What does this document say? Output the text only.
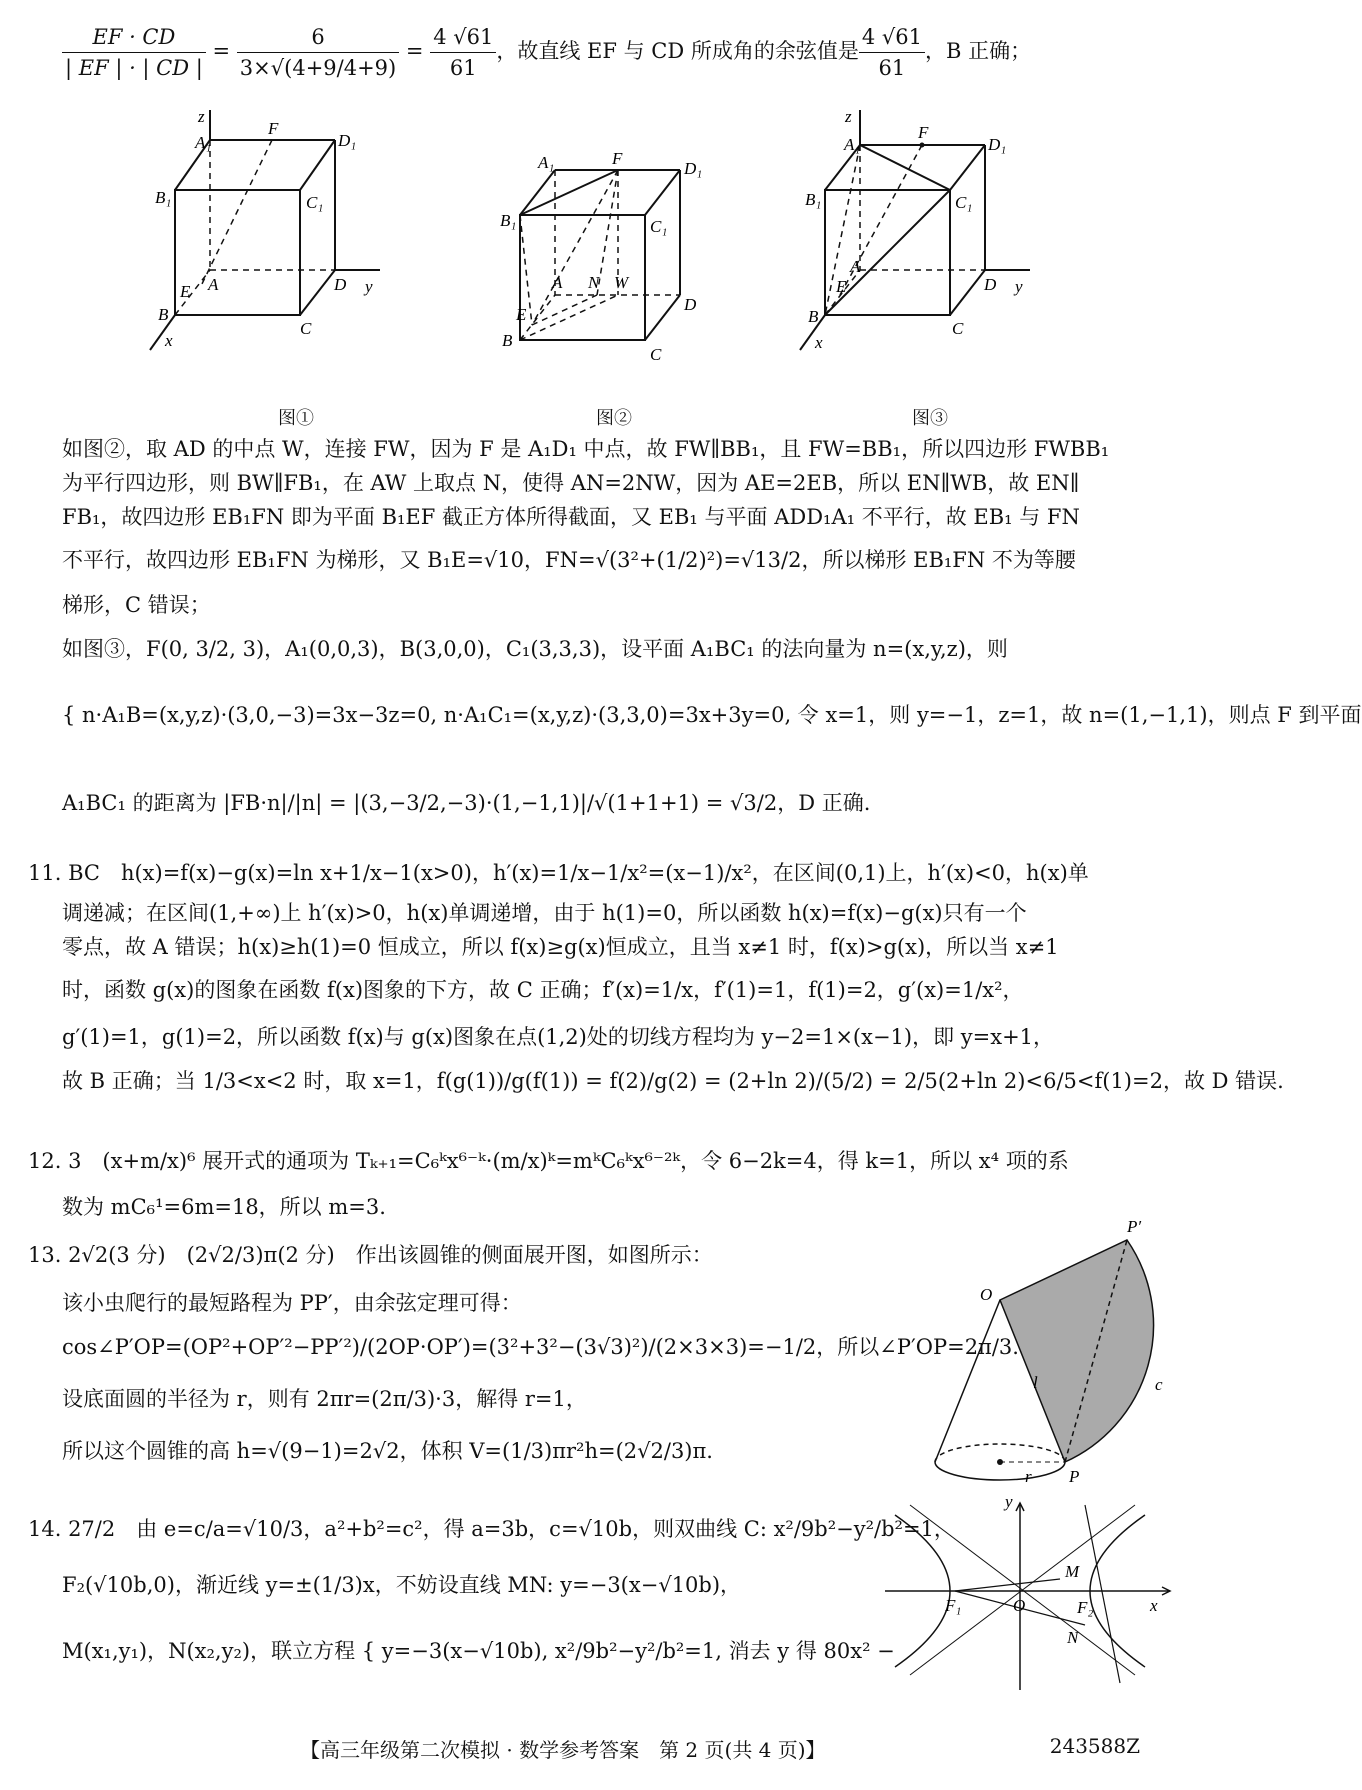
$\frac{EF \cdot CD}{| EF | \cdot | CD |} = \frac{6}{3\times√(4+9/4+9)} = \frac{4 √61}{61}$ ，故直线 EF 与 CD 所成角的余弦值是 $\frac{4 √61}{61}$ ，B 正确；
A₁
F
D₁
B₁	C₁
E A	D y
B
C
x
z
图①
A₁	F
D₁
B₁	C₁
A N W
D
E
B
C
图②
A₁
F
D₁
B₁	C₁
A
E	D y
B
C
x
z
图③
如图②，取 AD 的中点 W，连接 FW，因为 F 是 A₁D₁ 中点，故 FW∥BB₁，且 FW=BB₁，所以四边形 FWBB₁
为平行四边形，则 BW∥FB₁，在 AW 上取点 N，使得 AN=2NW，因为 AE=2EB，所以 EN∥WB，故 EN∥
FB₁，故四边形 EB₁FN 即为平面 B₁EF 截正方体所得截面，又 EB₁ 与平面 ADD₁A₁ 不平行，故 EB₁ 与 FN
不平行，故四边形 EB₁FN 为梯形，又 B₁E=√10，FN=√(3²+(1/2)²)=√13/2，所以梯形 EB₁FN 不为等腰
梯形，C 错误；
如图③，F(0, 3/2, 3)，A₁(0,0,3)，B(3,0,0)，C₁(3,3,3)，设平面 A₁BC₁ 的法向量为 n=(x,y,z)，则
{ n·A₁B=(x,y,z)·(3,0,−3)=3x−3z=0, n·A₁C₁=(x,y,z)·(3,3,0)=3x+3y=0, 令 x=1，则 y=−1，z=1，故 n=(1,−1,1)，则点 F 到平面
A₁BC₁ 的距离为 |FB·n|/|n| = |(3,−3/2,−3)·(1,−1,1)|/√(1+1+1) = √3/2，D 正确.
11. BC　h(x)=f(x)−g(x)=ln x+1/x−1(x>0)，h′(x)=1/x−1/x²=(x−1)/x²，在区间(0,1)上，h′(x)<0，h(x)单
调递减；在区间(1,+∞)上 h′(x)>0，h(x)单调递增，由于 h(1)=0，所以函数 h(x)=f(x)−g(x)只有一个
零点，故 A 错误；h(x)≥h(1)=0 恒成立，所以 f(x)≥g(x)恒成立，且当 x≠1 时，f(x)>g(x)，所以当 x≠1
时，函数 g(x)的图象在函数 f(x)图象的下方，故 C 正确；f′(x)=1/x，f′(1)=1，f(1)=2，g′(x)=1/x²，
g′(1)=1，g(1)=2，所以函数 f(x)与 g(x)图象在点(1,2)处的切线方程均为 y−2=1×(x−1)，即 y=x+1，
故 B 正确；当 1/3<x<2 时，取 x=1，f(g(1))/g(f(1)) = f(2)/g(2) = (2+ln 2)/(5/2) = 2/5(2+ln 2)<6/5<f(1)=2，故 D 错误.
12. 3　(x+m/x)⁶ 展开式的通项为 Tₖ₊₁=C₆ᵏx⁶⁻ᵏ·(m/x)ᵏ=mᵏC₆ᵏx⁶⁻²ᵏ，令 6−2k=4，得 k=1，所以 x⁴ 项的系
数为 mC₆¹=6m=18，所以 m=3.
13. 2√2(3 分)　(2√2/3)π(2 分)　作出该圆锥的侧面展开图，如图所示：
该小虫爬行的最短路程为 PP′，由余弦定理可得：
cos∠P′OP=(OP²+OP′²−PP′²)/(2OP·OP′)=(3²+3²−(3√3)²)/(2×3×3)=−1/2，所以∠P′OP=2π/3.
设底面圆的半径为 r，则有 2πr=(2π/3)·3，解得 r=1，
所以这个圆锥的高 h=√(9−1)=2√2，体积 V=(1/3)πr²h=(2√2/3)π.
14. 27/2　由 e=c/a=√10/3，a²+b²=c²，得 a=3b，c=√10b，则双曲线 C: x²/9b²−y²/b²=1，
F₂(√10b,0)，渐近线 y=±(1/3)x，不妨设直线 MN: y=−3(x−√10b)，
M(x₁,y₁)，N(x₂,y₂)，联立方程 { y=−3(x−√10b), x²/9b²−y²/b²=1, 消去 y 得 80x² −
O
P′
c
l
P
r
F₁	O
M
F₂
N
x
y
【高三年级第二次模拟 · 数学参考答案　第 2 页(共 4 页)】	243588Z
